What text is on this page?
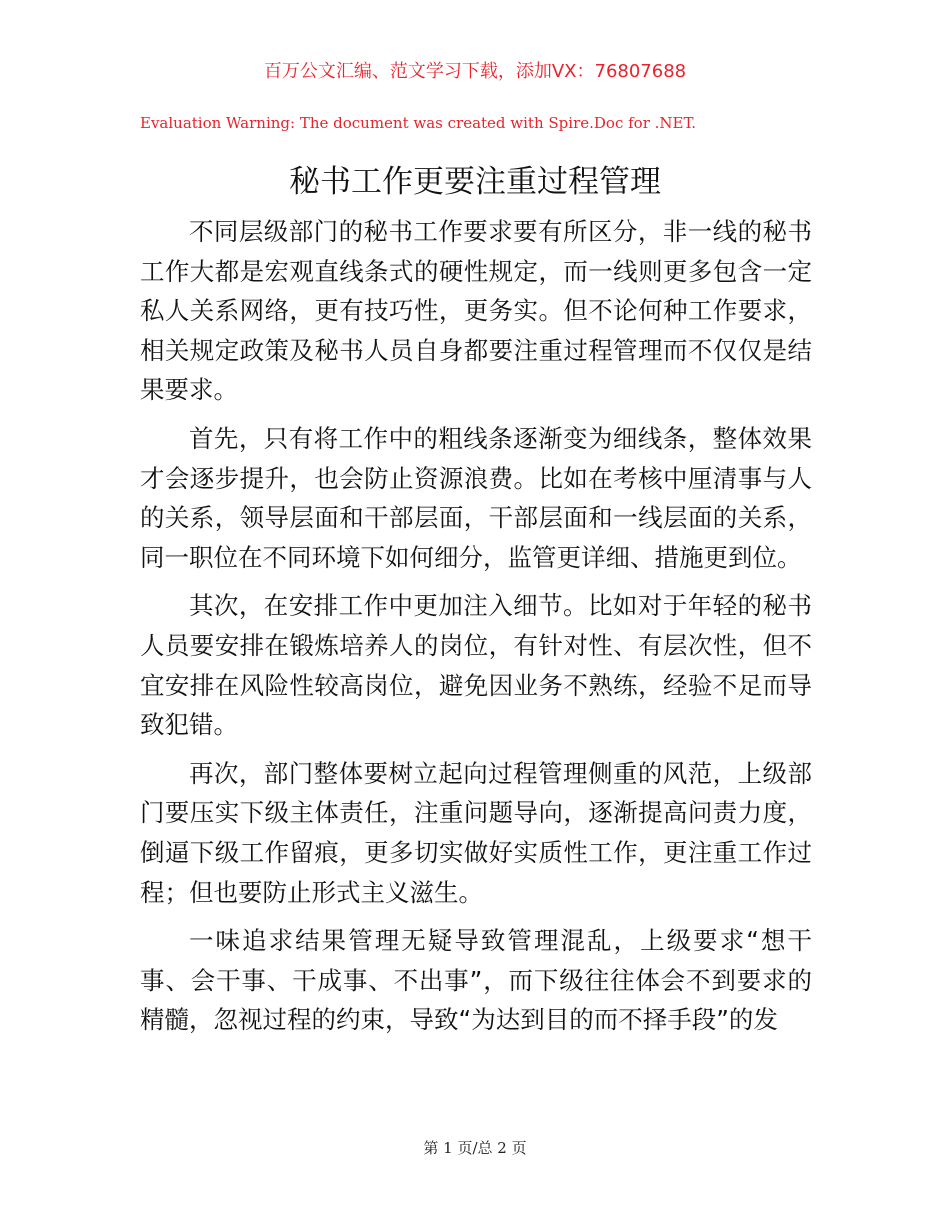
百万公文汇编、范文学习下载，添加VX：76807688
Evaluation Warning: The document was created with Spire.Doc for .NET.
秘书工作更要注重过程管理

不同层级部门的秘书工作要求要有所区分，非一线的秘书工作大都是宏观直线条式的硬性规定，而一线则更多包含一定私人关系网络，更有技巧性，更务实。但不论何种工作要求，相关规定政策及秘书人员自身都要注重过程管理而不仅仅是结果要求。

首先，只有将工作中的粗线条逐渐变为细线条，整体效果才会逐步提升，也会防止资源浪费。比如在考核中厘清事与人的关系，领导层面和干部层面，干部层面和一线层面的关系，同一职位在不同环境下如何细分，监管更详细、措施更到位。

其次，在安排工作中更加注入细节。比如对于年轻的秘书人员要安排在锻炼培养人的岗位，有针对性、有层次性，但不宜安排在风险性较高岗位，避免因业务不熟练，经验不足而导致犯错。

再次，部门整体要树立起向过程管理侧重的风范，上级部门要压实下级主体责任，注重问题导向，逐渐提高问责力度，倒逼下级工作留痕，更多切实做好实质性工作，更注重工作过程；但也要防止形式主义滋生。

一味追求结果管理无疑导致管理混乱，上级要求“想干事、会干事、干成事、不出事”，而下级往往体会不到要求的精髓，忽视过程的约束，导致“为达到目的而不择手段”的发

第 1 页/总 2 页
